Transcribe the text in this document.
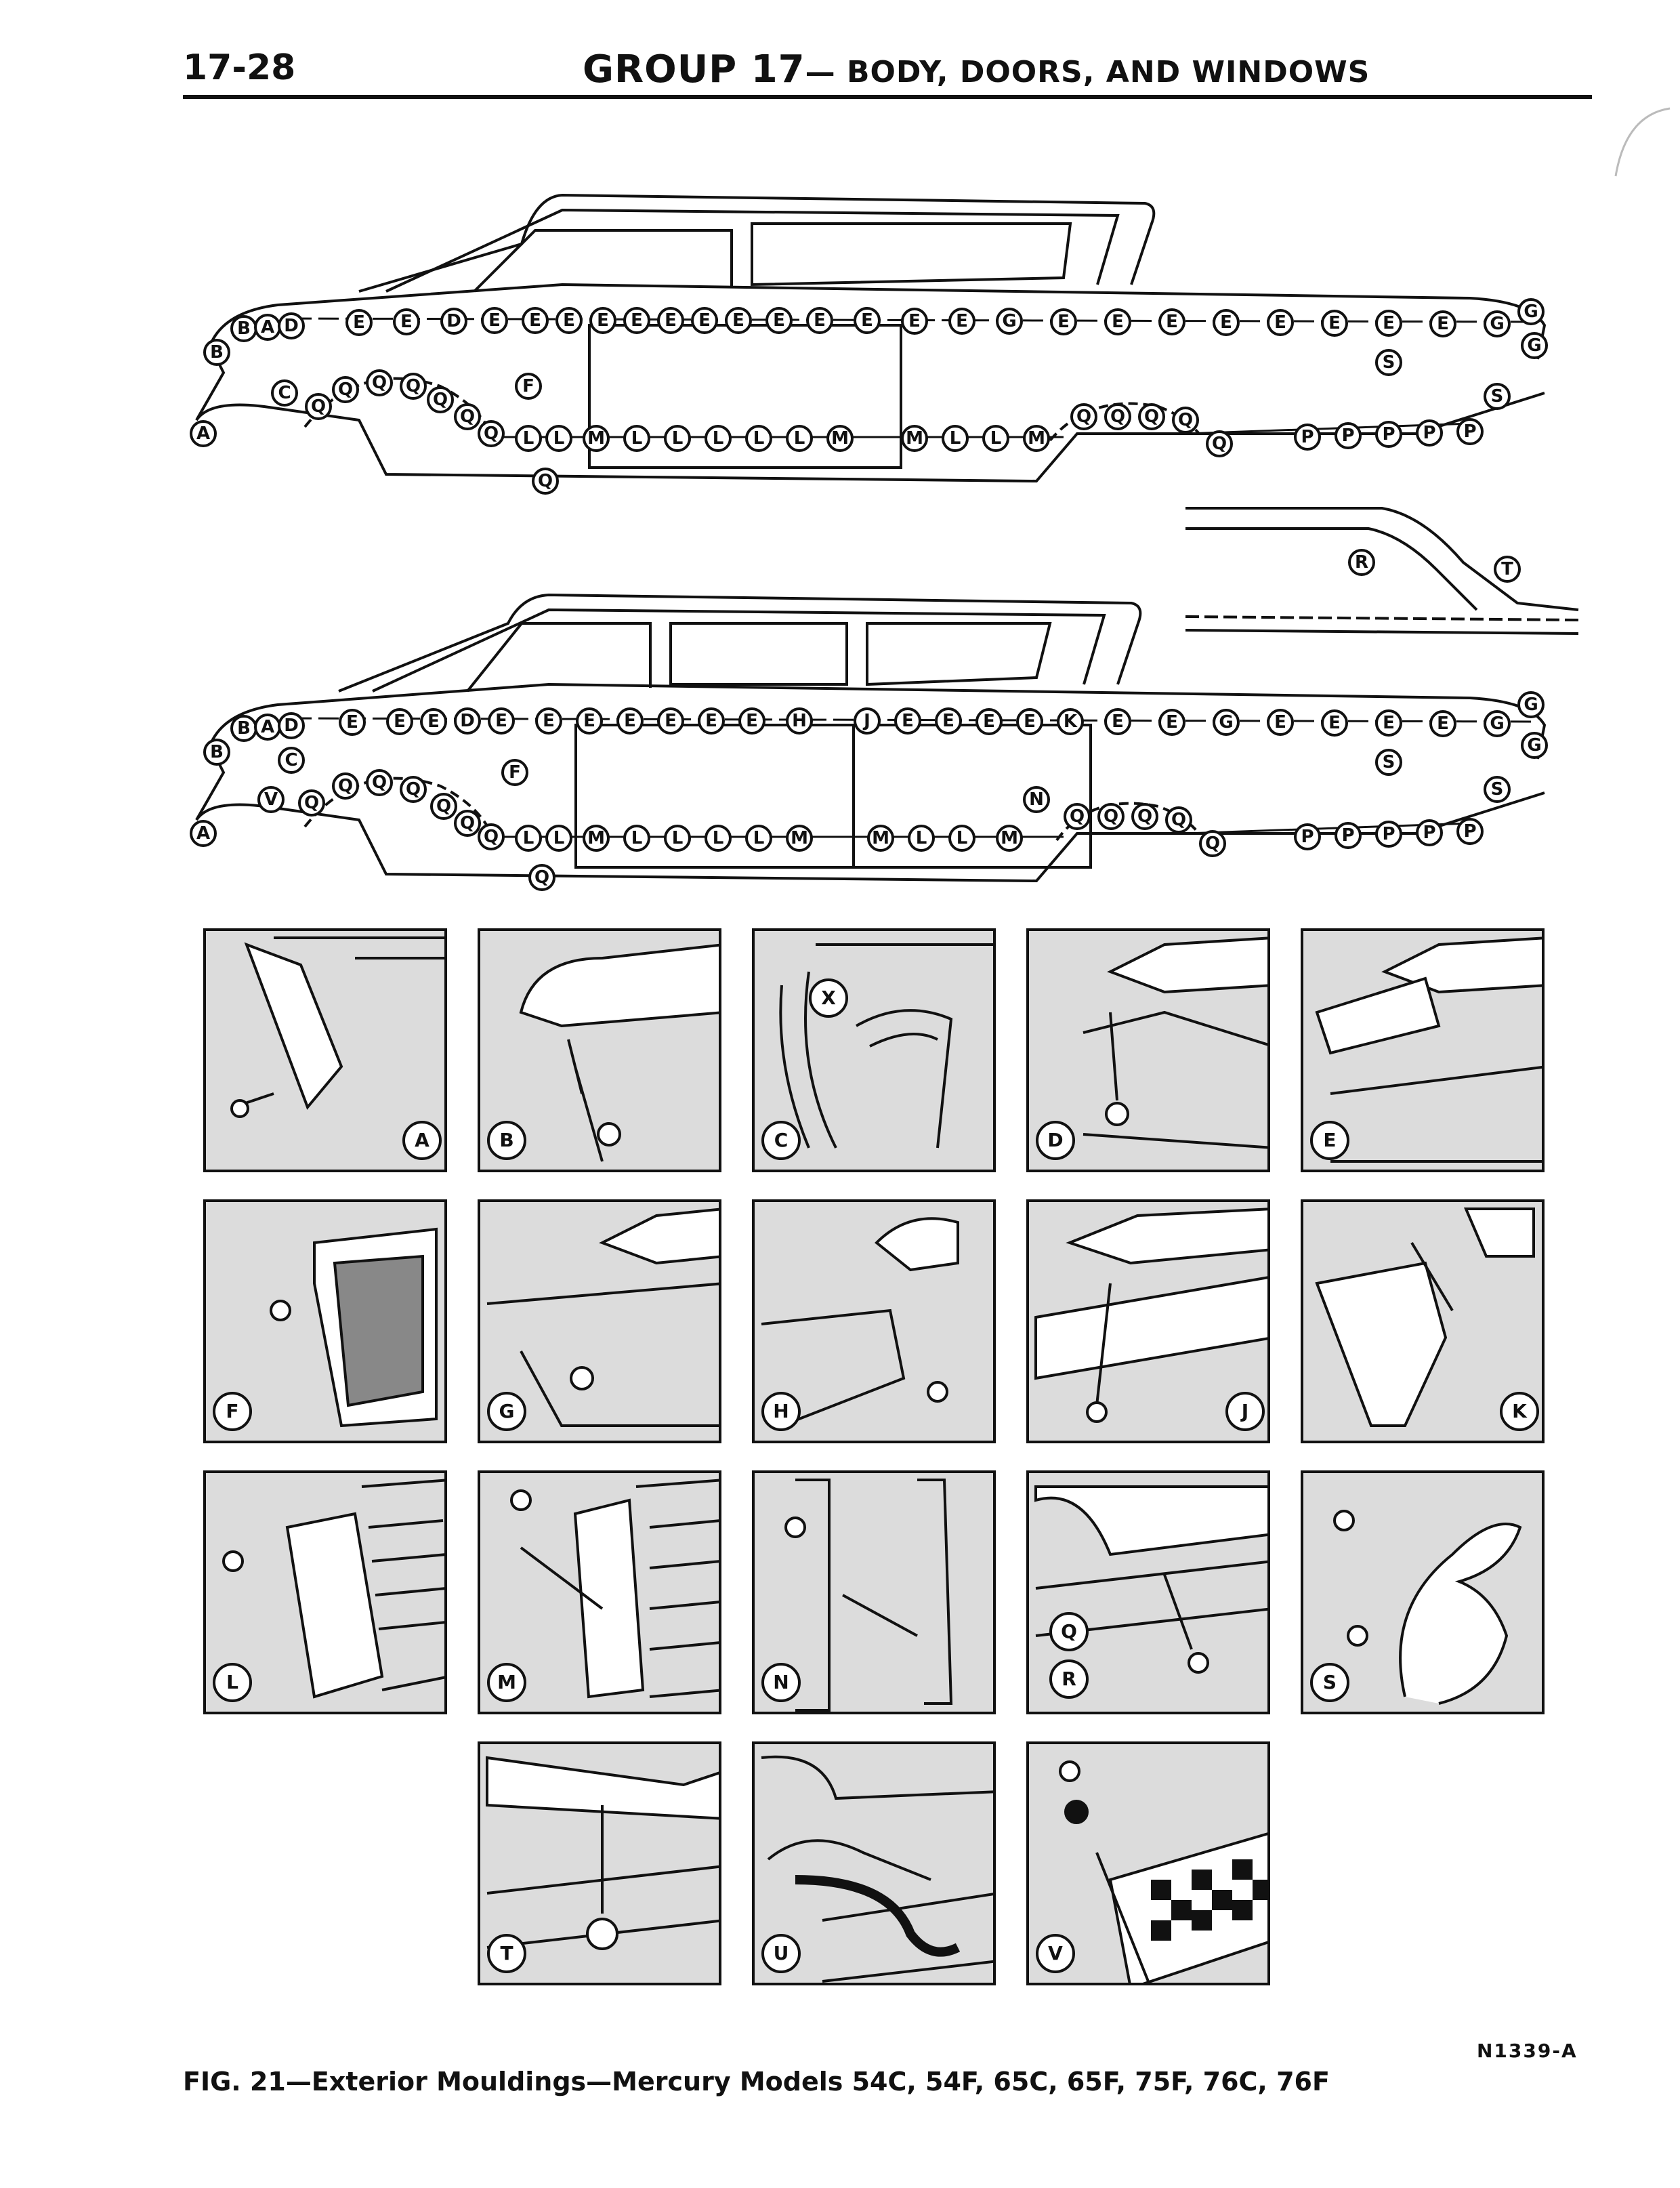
17-28	GROUP 17— BODY, DOORS, AND WINDOWS
B
B A D	E E D E E E E E E E E E E E E E G E E E E E E E E G
G
G
C
A
F
S
S
Q
Q Q Q
Q
Q
Q
Q
Q Q Q Q
Q
L L M L L L L L M	M L L M	P P P P P
R	T
B
B A D	E E E D E E E E E E E H	J E E E E K E E G E E E E G
G
G
C
A
V
F
N
S
S
Q
Q Q Q
Q
Q
Q
Q
Q Q Q Q
Q
L L M L L L L M	M L L M	P P P P P
A	B
X
C	D	E
F	G	H	J	K
L	M	N
Q
R	S
T	U	V
N1339-A
FIG. 21—Exterior Mouldings—Mercury Models 54C, 54F, 65C, 65F, 75F, 76C, 76F
